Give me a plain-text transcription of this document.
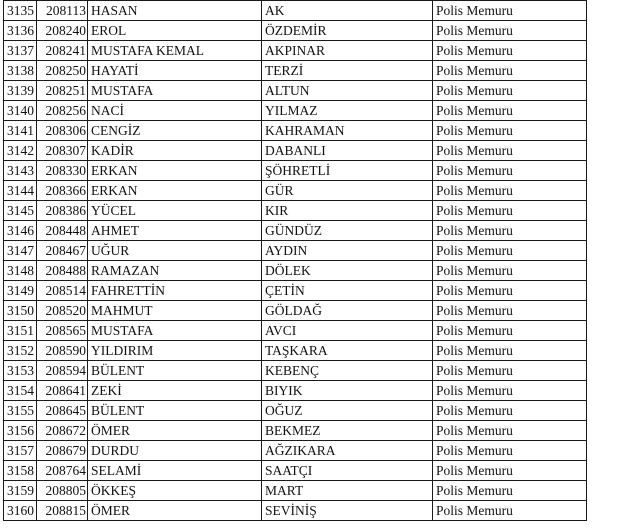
3135	208113	HASAN	AK	Polis Memuru
3136	208240	EROL	ÖZDEMİR	Polis Memuru
3137	208241	MUSTAFA KEMAL	AKPINAR	Polis Memuru
3138	208250	HAYATİ	TERZİ	Polis Memuru
3139	208251	MUSTAFA	ALTUN	Polis Memuru
3140	208256	NACİ	YILMAZ	Polis Memuru
3141	208306	CENGİZ	KAHRAMAN	Polis Memuru
3142	208307	KADİR	DABANLI	Polis Memuru
3143	208330	ERKAN	ŞÖHRETLİ	Polis Memuru
3144	208366	ERKAN	GÜR	Polis Memuru
3145	208386	YÜCEL	KIR	Polis Memuru
3146	208448	AHMET	GÜNDÜZ	Polis Memuru
3147	208467	UĞUR	AYDIN	Polis Memuru
3148	208488	RAMAZAN	DÖLEK	Polis Memuru
3149	208514	FAHRETTİN	ÇETİN	Polis Memuru
3150	208520	MAHMUT	GÖLDAĞ	Polis Memuru
3151	208565	MUSTAFA	AVCI	Polis Memuru
3152	208590	YILDIRIM	TAŞKARA	Polis Memuru
3153	208594	BÜLENT	KEBENÇ	Polis Memuru
3154	208641	ZEKİ	BIYIK	Polis Memuru
3155	208645	BÜLENT	OĞUZ	Polis Memuru
3156	208672	ÖMER	BEKMEZ	Polis Memuru
3157	208679	DURDU	AĞZIKARA	Polis Memuru
3158	208764	SELAMİ	SAATÇI	Polis Memuru
3159	208805	ÖKKEŞ	MART	Polis Memuru
3160	208815	ÖMER	SEVİNİŞ	Polis Memuru
